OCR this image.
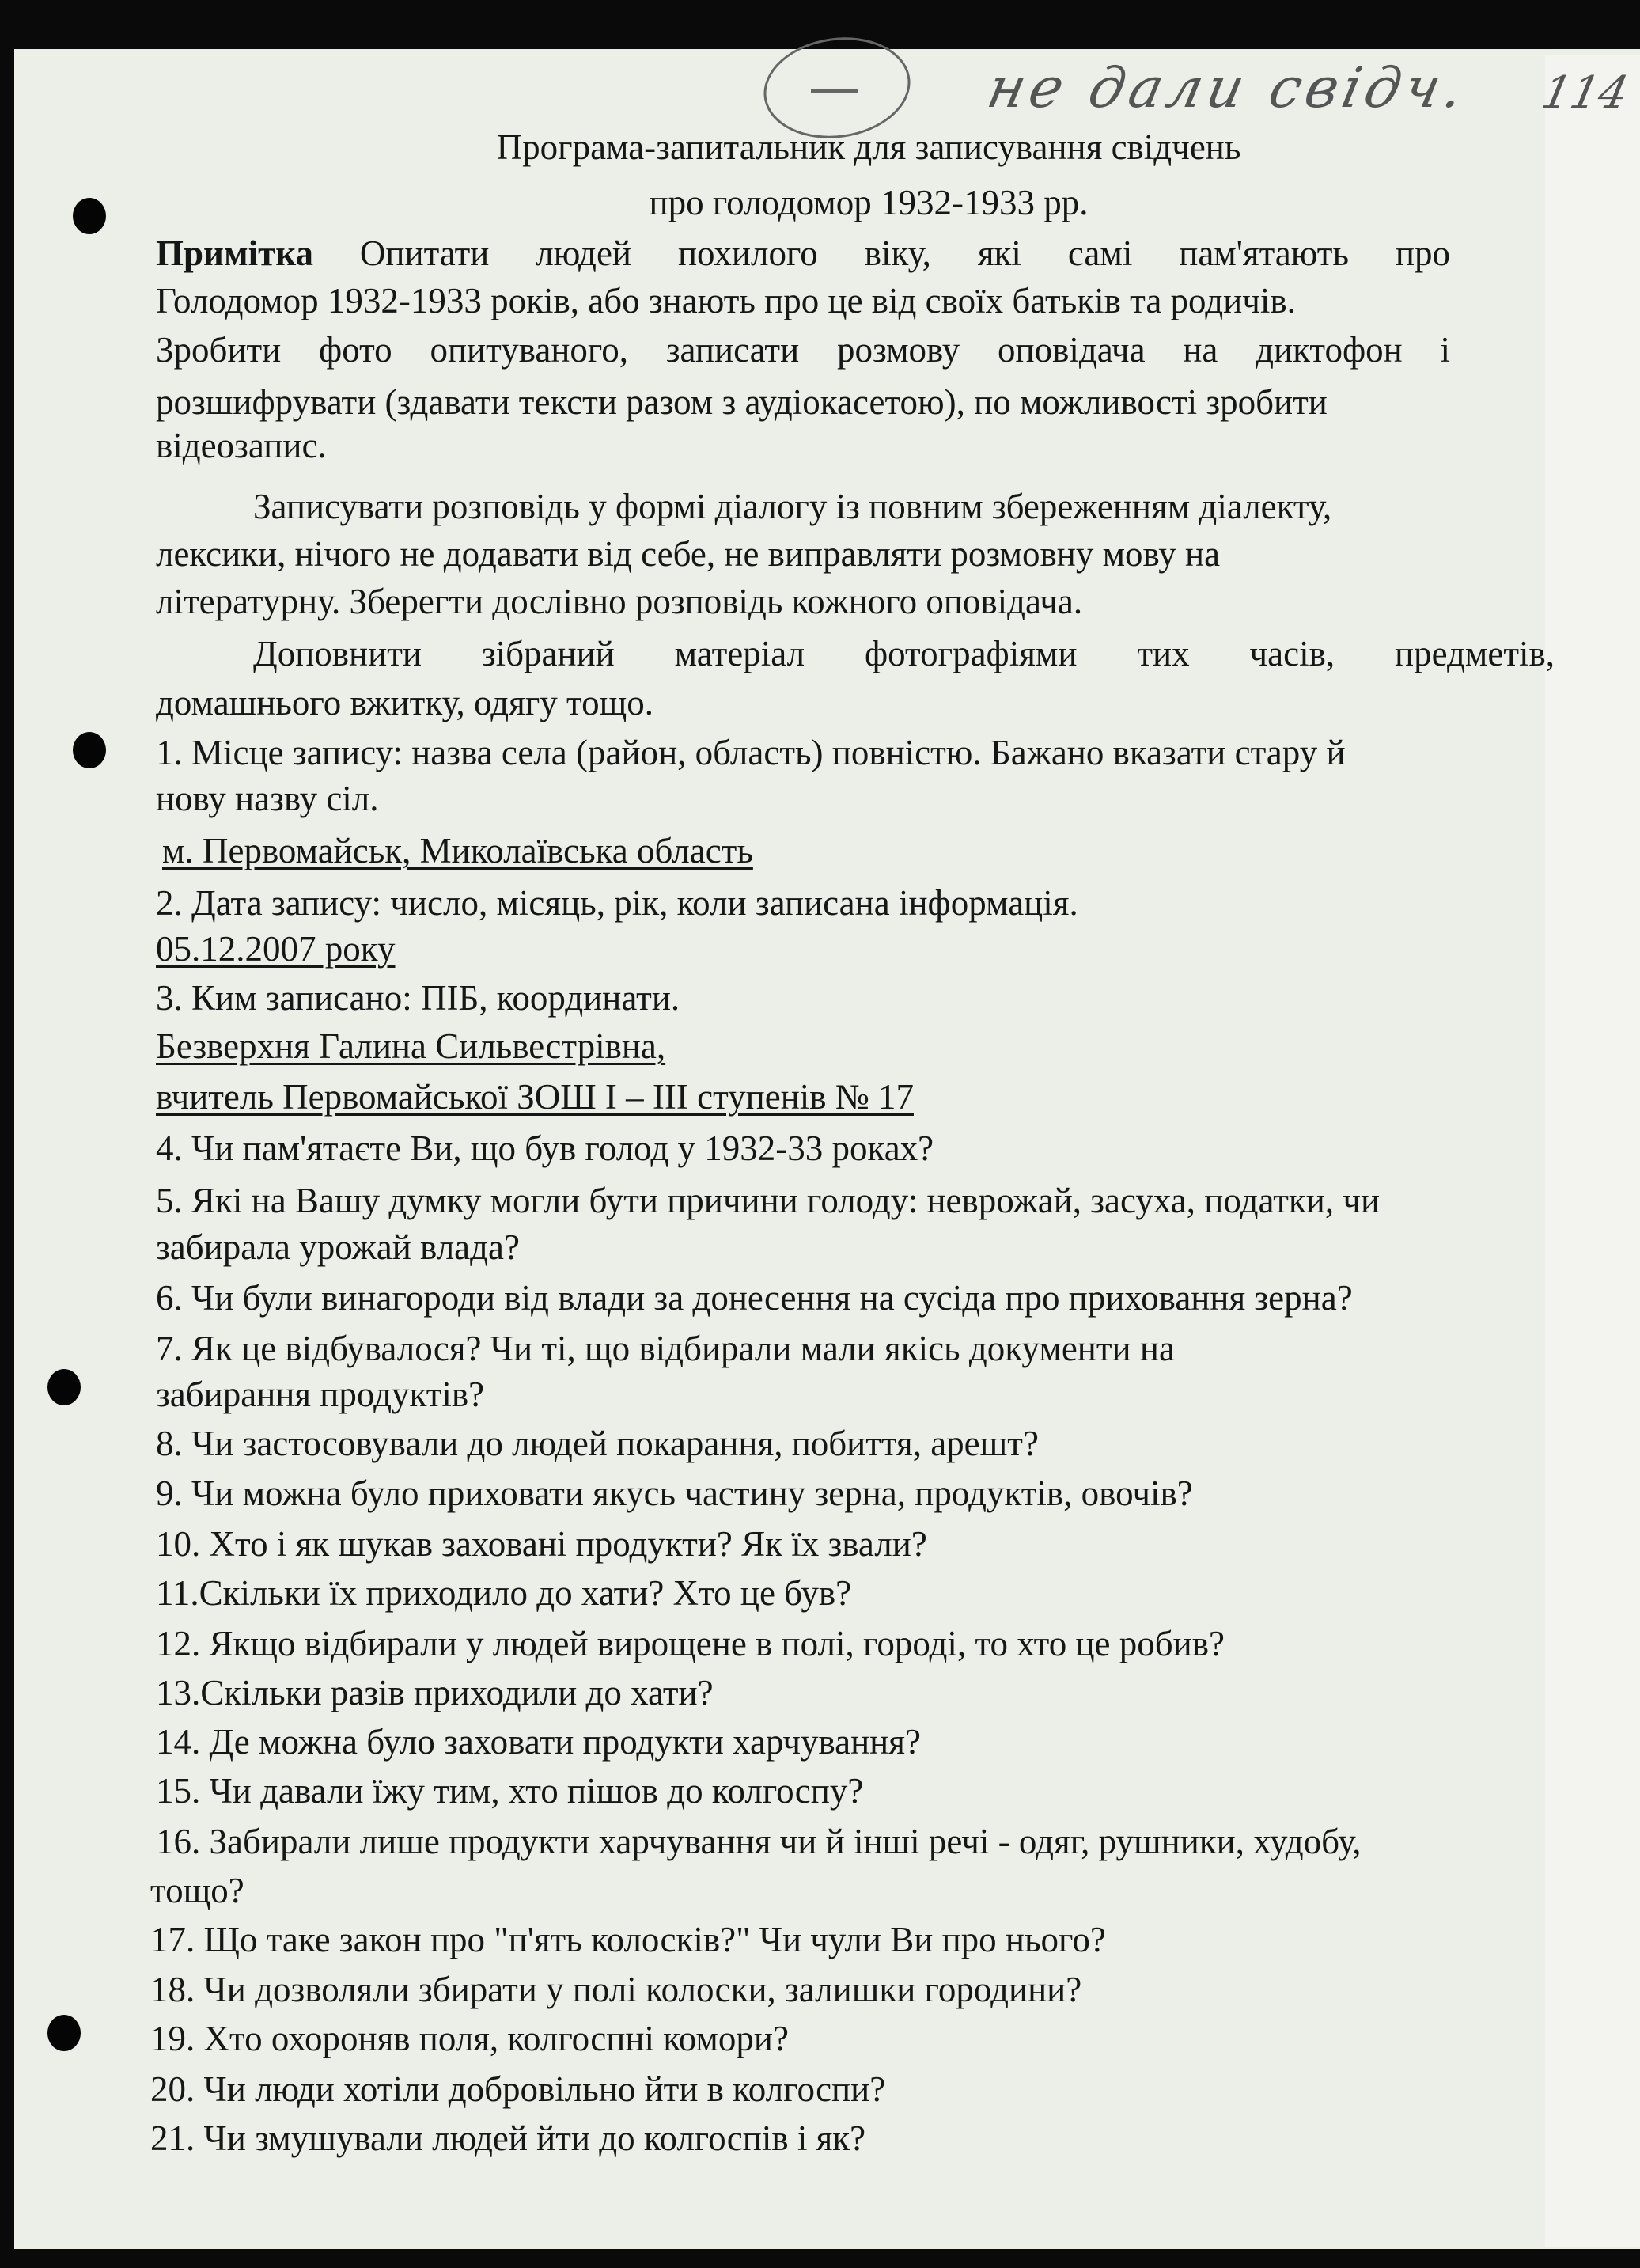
не дали свідч. 114
Програма-запитальник для записування свідчень
про голодомор 1932-1933 рр.
Примітка Опитати людей похилого віку, які самі пам'ятають про
Голодомор 1932-1933 років, або знають про це від своїх батьків та родичів.
Зробити фото опитуваного, записати розмову оповідача на диктофон і
розшифрувати (здавати тексти разом з аудіокасетою), по можливості зробити
відеозапис.
Записувати розповідь у формі діалогу із повним збереженням діалекту,
лексики, нічого не додавати від себе, не виправляти розмовну мову на
літературну. Зберегти дослівно розповідь кожного оповідача.
Доповнити зібраний матеріал фотографіями тих часів, предметів,
домашнього вжитку, одягу тощо.
1. Місце запису: назва села (район, область) повністю. Бажано вказати стару й
нову назву сіл.
м. Первомайськ, Миколаївська область
2. Дата запису: число, місяць, рік, коли записана інформація.
05.12.2007 року
3. Ким записано: ПІБ, координати.
Безверхня Галина Сильвестрівна,
вчитель Первомайської ЗОШ І – ІІІ ступенів № 17
4. Чи пам'ятаєте Ви, що був голод у 1932-33 роках?
5. Які на Вашу думку могли бути причини голоду: неврожай, засуха, податки, чи
забирала урожай влада?
6. Чи були винагороди від влади за донесення на сусіда про приховання зерна?
7. Як це відбувалося? Чи ті, що відбирали мали якісь документи на
забирання продуктів?
8. Чи застосовували до людей покарання, побиття, арешт?
9. Чи можна було приховати якусь частину зерна, продуктів, овочів?
10. Хто і як шукав заховані продукти? Як їх звали?
11.Скільки їх приходило до хати? Хто це був?
12. Якщо відбирали у людей вирощене в полі, городі, то хто це робив?
13.Скільки разів приходили до хати?
14. Де можна було заховати продукти харчування?
15. Чи давали їжу тим, хто пішов до колгоспу?
16. Забирали лише продукти харчування чи й інші речі - одяг, рушники, худобу,
тощо?
17. Що таке закон про "п'ять колосків?" Чи чули Ви про нього?
18. Чи дозволяли збирати у полі колоски, залишки городини?
19. Хто охороняв поля, колгоспні комори?
20. Чи люди хотіли добровільно йти в колгоспи?
21. Чи змушували людей йти до колгоспів і як?
